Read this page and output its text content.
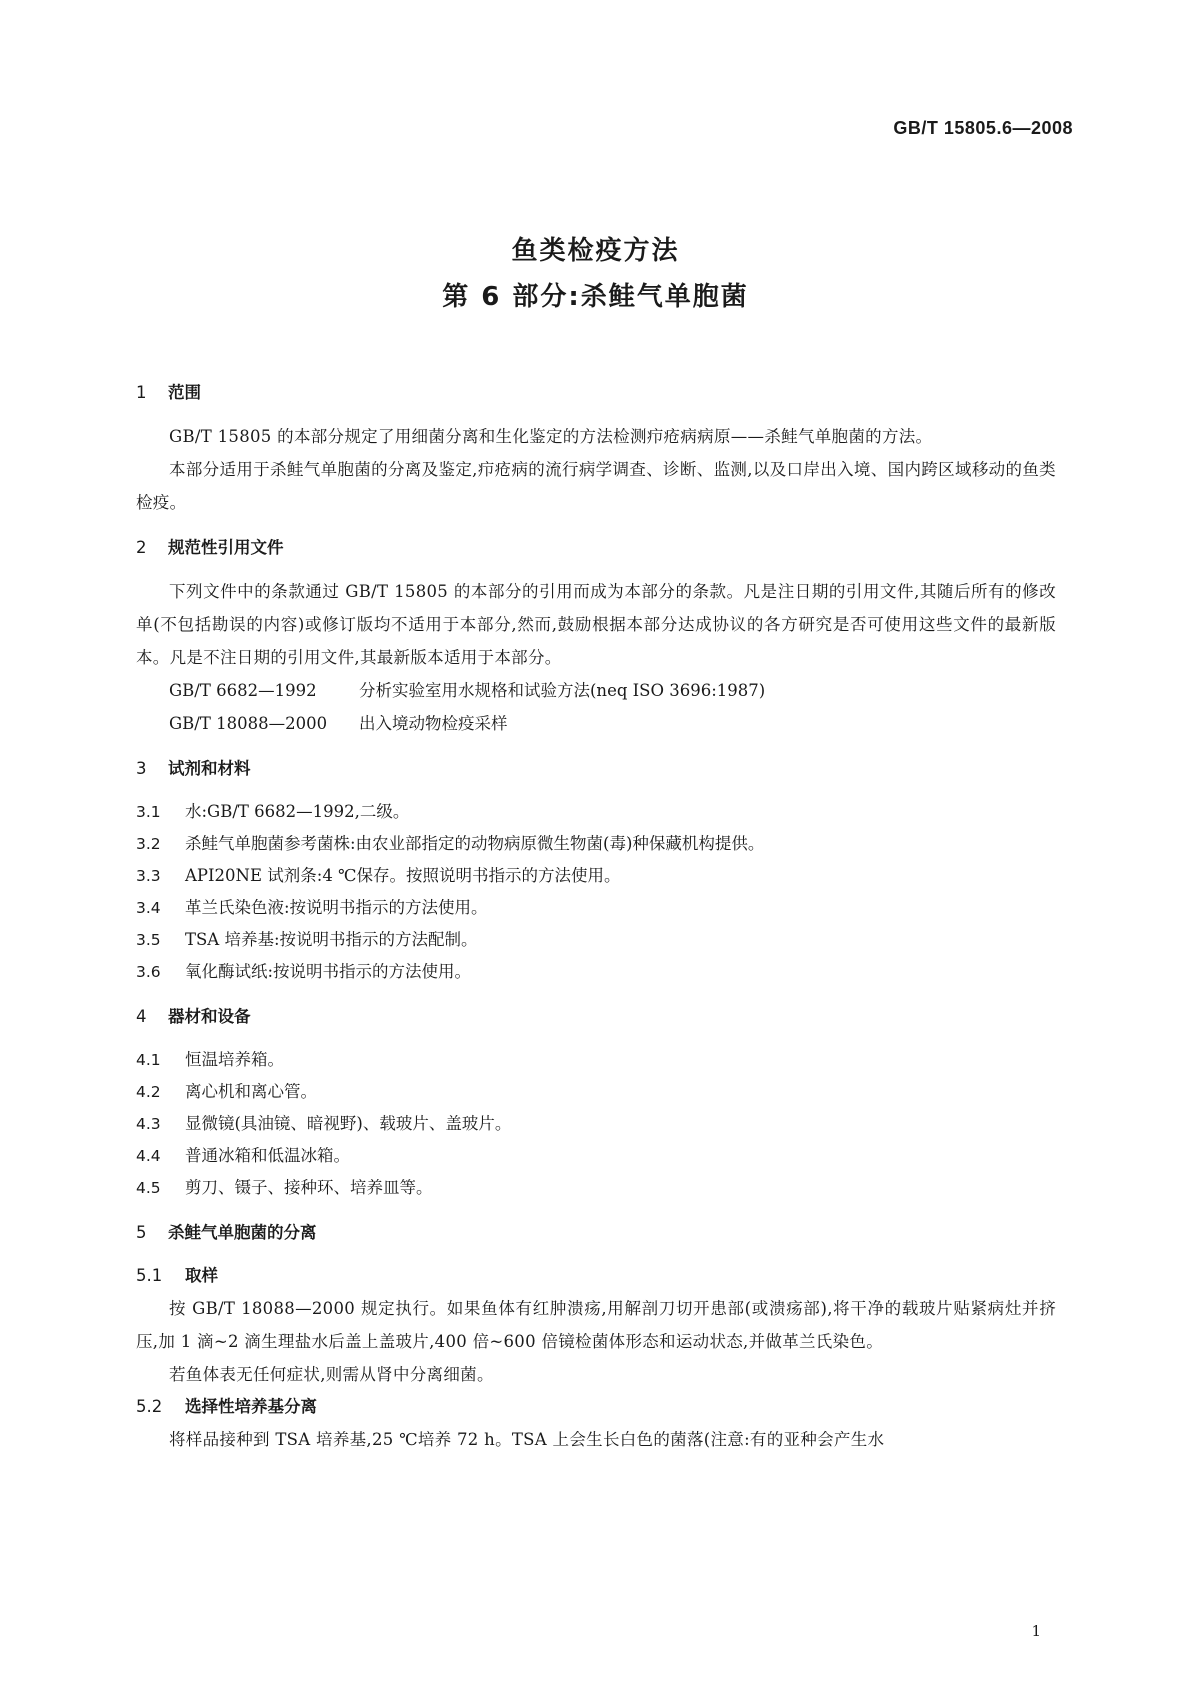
GB/T 15805.6—2008
鱼类检疫方法
第 6 部分:杀鲑气单胞菌
1 范围

GB/T 15805 的本部分规定了用细菌分离和生化鉴定的方法检测疖疮病病原——杀鲑气单胞菌的方法。

本部分适用于杀鲑气单胞菌的分离及鉴定,疖疮病的流行病学调查、诊断、监测,以及口岸出入境、国内跨区域移动的鱼类检疫。

2 规范性引用文件

下列文件中的条款通过 GB/T 15805 的本部分的引用而成为本部分的条款。凡是注日期的引用文件,其随后所有的修改单(不包括勘误的内容)或修订版均不适用于本部分,然而,鼓励根据本部分达成协议的各方研究是否可使用这些文件的最新版本。凡是不注日期的引用文件,其最新版本适用于本部分。

GB/T 6682—1992	分析实验室用水规格和试验方法(neq ISO 3696:1987)

GB/T 18088—2000 出入境动物检疫采样

3 试剂和材料

3.1 水:GB/T 6682—1992,二级。

3.2 杀鲑气单胞菌参考菌株:由农业部指定的动物病原微生物菌(毒)种保藏机构提供。

3.3 API20NE 试剂条:4 ℃保存。按照说明书指示的方法使用。

3.4 革兰氏染色液:按说明书指示的方法使用。

3.5 TSA 培养基:按说明书指示的方法配制。

3.6 氧化酶试纸:按说明书指示的方法使用。

4 器材和设备

4.1 恒温培养箱。

4.2 离心机和离心管。

4.3 显微镜(具油镜、暗视野)、载玻片、盖玻片。

4.4 普通冰箱和低温冰箱。

4.5 剪刀、镊子、接种环、培养皿等。

5 杀鲑气单胞菌的分离
5.1 取样

按 GB/T 18088—2000 规定执行。如果鱼体有红肿溃疡,用解剖刀切开患部(或溃疡部),将干净的载玻片贴紧病灶并挤压,加 1 滴~2 滴生理盐水后盖上盖玻片,400 倍~600 倍镜检菌体形态和运动状态,并做革兰氏染色。

若鱼体表无任何症状,则需从肾中分离细菌。

5.2 选择性培养基分离

将样品接种到 TSA 培养基,25 ℃培养 72 h。TSA 上会生长白色的菌落(注意:有的亚种会产生水

1
